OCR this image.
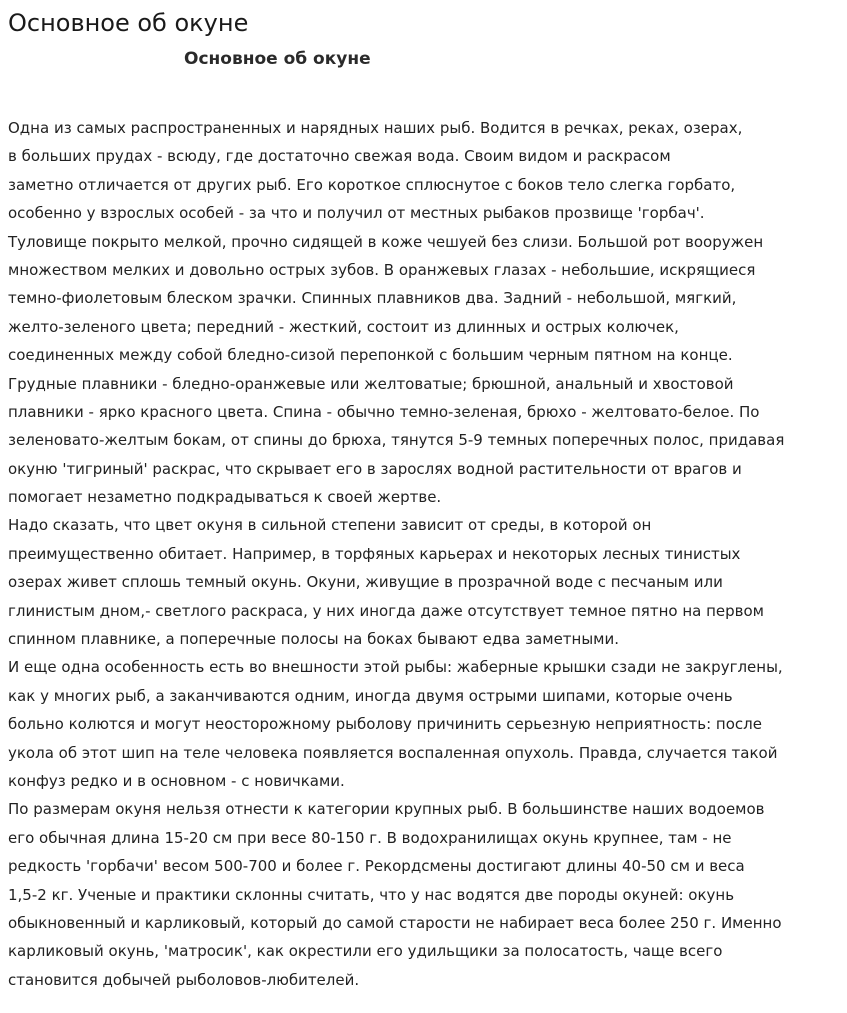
Основное об окуне
Основное об окуне
Одна из самых распространенных и нарядных наших рыб. Водится в речках, реках, озерах,
в больших прудах - всюду, где достаточно свежая вода. Своим видом и раскрасом
заметно отличается от других рыб. Его короткое сплюснутое с боков тело слегка горбато,
особенно у взрослых особей - за что и получил от местных рыбаков прозвище 'горбач'.
Туловище покрыто мелкой, прочно сидящей в коже чешуей без слизи. Большой рот вооружен
множеством мелких и довольно острых зубов. В оранжевых глазах - небольшие, искрящиеся
темно-фиолетовым блеском зрачки. Спинных плавников два. Задний - небольшой, мягкий,
желто-зеленого цвета; передний - жесткий, состоит из длинных и острых колючек,
соединенных между собой бледно-сизой перепонкой с большим черным пятном на конце.
Грудные плавники - бледно-оранжевые или желтоватые; брюшной, анальный и хвостовой
плавники - ярко красного цвета. Спина - обычно темно-зеленая, брюхо - желтовато-белое. По
зеленовато-желтым бокам, от спины до брюха, тянутся 5-9 темных поперечных полос, придавая
окуню 'тигриный' раскрас, что скрывает его в зарослях водной растительности от врагов и
помогает незаметно подкрадываться к своей жертве.
Надо сказать, что цвет окуня в сильной степени зависит от среды, в которой он
преимущественно обитает. Например, в торфяных карьерах и некоторых лесных тинистых
озерах живет сплошь темный окунь. Окуни, живущие в прозрачной воде с песчаным или
глинистым дном,- светлого раскраса, у них иногда даже отсутствует темное пятно на первом
спинном плавнике, а поперечные полосы на боках бывают едва заметными.
И еще одна особенность есть во внешности этой рыбы: жаберные крышки сзади не закруглены,
как у многих рыб, а заканчиваются одним, иногда двумя острыми шипами, которые очень
больно колются и могут неосторожному рыболову причинить серьезную неприятность: после
укола об этот шип на теле человека появляется воспаленная опухоль. Правда, случается такой
конфуз редко и в основном - с новичками.
По размерам окуня нельзя отнести к категории крупных рыб. В большинстве наших водоемов
его обычная длина 15-20 см при весе 80-150 г. В водохранилищах окунь крупнее, там - не
редкость 'горбачи' весом 500-700 и более г. Рекордсмены достигают длины 40-50 см и веса
1,5-2 кг. Ученые и практики склонны считать, что у нас водятся две породы окуней: окунь
обыкновенный и карликовый, который до самой старости не набирает веса более 250 г. Именно
карликовый окунь, 'матросик', как окрестили его удильщики за полосатость, чаще всего
становится добычей рыболовов-любителей.
